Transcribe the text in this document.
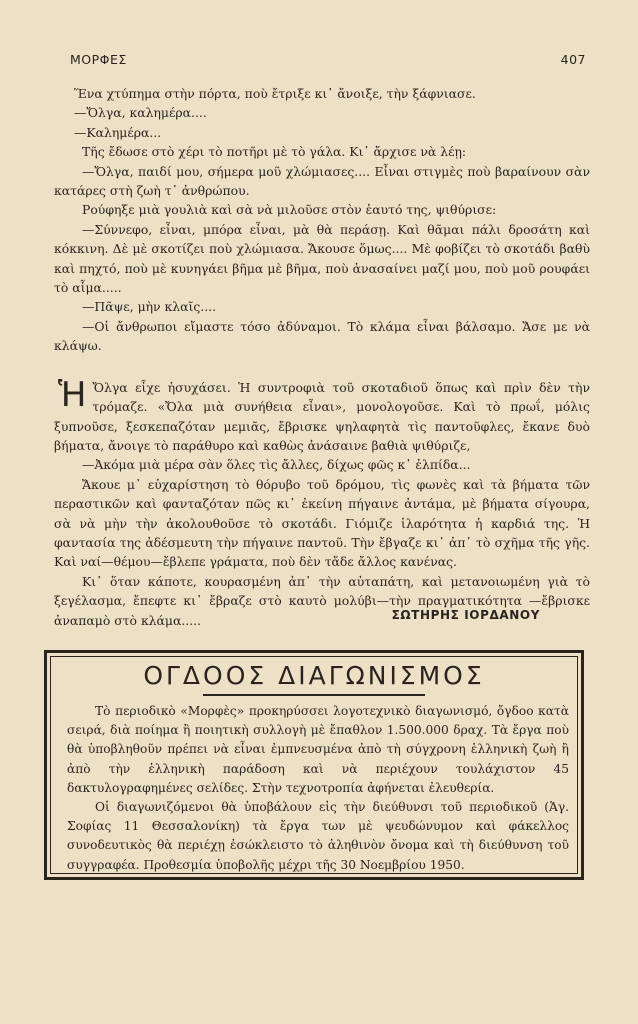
ΜΟΡΦΕΣ	407

Ἕνα χτύπημα στὴν πόρτα, ποὺ ἔτριξε κι᾽ ἄνοιξε, τὴν ξάφνιασε.

—Ὄλγα, καλημέρα....

—Καλημέρα...

Τῆς ἔδωσε στὸ χέρι τὸ ποτῆρι μὲ τὸ γάλα. Κι᾽ ἄρχισε νὰ λέῃ:

—Ὄλγα, παιδί μου, σήμερα μοῦ χλώμιασες.... Εἶναι στιγμὲς ποὺ βαραίνουν σὰν κατάρες στὴ ζωὴ τ᾽ ἀνθρώπου.

Ρούφηξε μιὰ γουλιὰ καὶ σὰ νὰ μιλοῦσε στὸν ἑαυτό της, ψιθύρισε:

—Σύννεφο, εἶναι, μπόρα εἶναι, μὰ θὰ περάσῃ. Καὶ θᾶμαι πάλι δροσάτη καὶ κόκκινη. Δὲ μὲ σκοτίζει ποὺ χλώμιασα. Ἄκουσε ὅμως.... Μὲ φοβίζει τὸ σκοτάδι βαθὺ καὶ πηχτό, ποὺ μὲ κυνηγάει βῆμα μὲ βῆμα, ποὺ ἀνασαίνει μαζί μου, ποὺ μοῦ ρουφάει τὸ αἷμα.....

—Πᾶψε, μὴν κλαῖς....

—Οἱ ἄνθρωποι εἴμαστε τόσο ἀδύναμοι. Τὸ κλάμα εἶναι βάλσαμο. Ἄσε με νὰ κλάψω.

Ἡ Ὄλγα εἶχε ἡσυχάσει. Ἡ συντροφιὰ τοῦ σκοταδιοῦ ὅπως καὶ πρὶν δὲν τὴν τρόμαζε. «Ὄλα μιὰ συνήθεια εἶναι», μονολογοῦσε. Καὶ τὸ πρωΐ, μόλις ξυπνοῦσε, ξεσκεπαζόταν μεμιᾶς, ἔβρισκε ψηλαφητὰ τὶς παντοῦφλες, ἔκανε δυὸ βήματα, ἄνοιγε τὸ παράθυρο καὶ καθὼς ἀνάσαινε βαθιὰ ψιθύριζε,

—Ἀκόμα μιὰ μέρα σὰν ὅλες τὶς ἄλλες, δίχως φῶς κ᾽ ἐλπίδα...

Ἄκουε μ᾽ εὐχαρίστηση τὸ θόρυβο τοῦ δρόμου, τὶς φωνὲς καὶ τὰ βήματα τῶν περαστικῶν καὶ φανταζόταν πῶς κι᾽ ἐκείνη πήγαινε ἀντάμα, μὲ βήματα σίγουρα, σὰ νὰ μὴν τὴν ἀκολουθοῦσε τὸ σκοτάδι. Γιόμιζε ἱλαρότητα ἡ καρδιά της. Ἡ φαντασία της ἀδέσμευτη τὴν πήγαινε παντοῦ. Τὴν ἔβγαζε κι᾽ ἀπ᾽ τὸ σχῆμα τῆς γῆς. Καὶ ναί—θέμου—ἔβλεπε γράματα, ποὺ δὲν τἄδε ἄλλος κανένας.

Κι᾽ ὅταν κάποτε, κουρασμένη ἀπ᾽ τὴν αὐταπάτη, καὶ μετανοιωμένη γιὰ τὸ ξεγέλασμα, ἔπεφτε κι᾽ ἔβραζε στὸ καυτὸ μολύβι—τὴν πραγματικότητα —ἔβρισκε ἀναπαμὸ στὸ κλάμα.....	ΣΩΤΗΡΗΣ ΙΟΡΔΑΝΟΥ
ΟΓΔΟΟΣ ΔΙΑΓΩΝΙΣΜΟΣ

Τὸ περιοδικὸ «Μορφὲς» προκηρύσσει λογοτεχνικὸ διαγωνισμό, ὄγδοο κατὰ σειρά, διὰ ποίημα ἢ ποιητικὴ συλλογὴ μὲ ἔπαθλον 1.500.000 δραχ. Τὰ ἔργα ποὺ θὰ ὑποβληθοῦν πρέπει νὰ εἶναι ἐμπνευσμένα ἀπὸ τὴ σύγχρονη ἑλληνικὴ ζωὴ ἢ ἀπὸ τὴν ἑλληνικὴ παράδοση καὶ νὰ περιέχουν τουλάχιστον 45 δακτυλογραφημένες σελίδες. Στὴν τεχνοτροπία ἀφήνεται ἐλευθερία.

Οἱ διαγωνιζόμενοι θὰ ὑποβάλουν εἰς τὴν διεύθυνσι τοῦ περιοδικοῦ (Ἁγ. Σοφίας 11 Θεσσαλονίκη) τὰ ἔργα των μὲ ψευδώνυμον καὶ φάκελλος συνοδευτικὸς θὰ περιέχῃ ἐσώκλειστο τὸ ἀληθινὸν ὄνομα καὶ τὴ διεύθυνση τοῦ συγγραφέα. Προθεσμία ὑποβολῆς μέχρι τῆς 30 Νοεμβρίου 1950.
